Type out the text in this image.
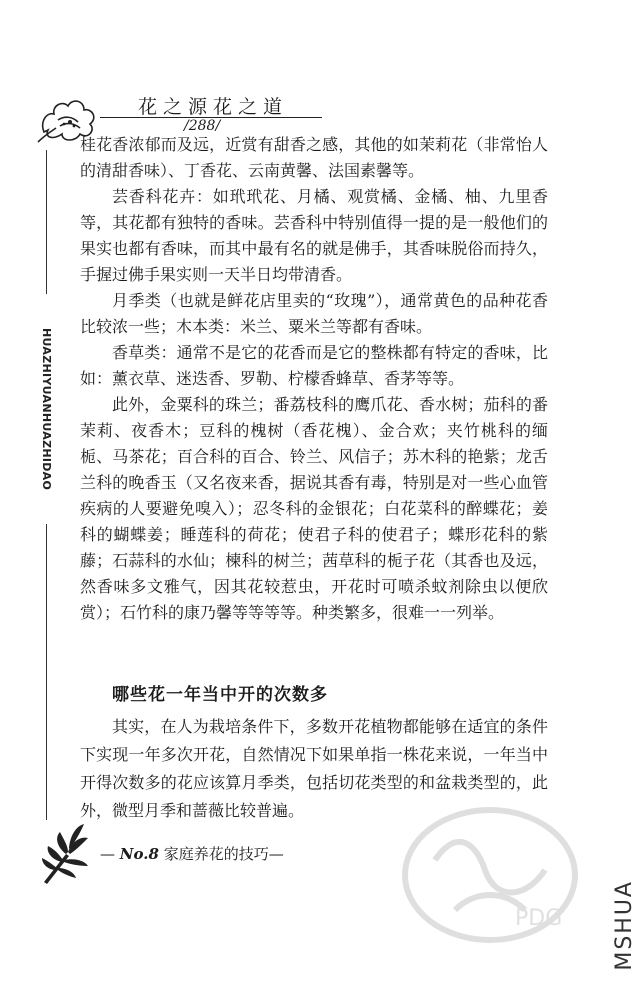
花之源花之道
/288/
HUAZHIYUANHUAZHIDAO

桂花香浓郁而及远，近赏有甜香之感，其他的如茉莉花（非常怡人的清甜香味）、丁香花、云南黄馨、法国素馨等。

芸香科花卉：如玳玳花、月橘、观赏橘、金橘、柚、九里香等，其花都有独特的香味。芸香科中特别值得一提的是一般他们的果实也都有香味，而其中最有名的就是佛手，其香味脱俗而持久，手握过佛手果实则一天半日均带清香。

月季类（也就是鲜花店里卖的“玫瑰”），通常黄色的品种花香比较浓一些；木本类：米兰、粟米兰等都有香味。

香草类：通常不是它的花香而是它的整株都有特定的香味，比如：薰衣草、迷迭香、罗勒、柠檬香蜂草、香茅等等。

此外，金粟科的珠兰；番荔枝科的鹰爪花、香水树；茄科的番茉莉、夜香木；豆科的槐树（香花槐）、金合欢；夹竹桃科的缅栀、马茶花；百合科的百合、铃兰、风信子；苏木科的艳紫；龙舌兰科的晚香玉（又名夜来香，据说其香有毒，特别是对一些心血管疾病的人要避免嗅入）；忍冬科的金银花；白花菜科的醉蝶花；姜科的蝴蝶姜；睡莲科的荷花；使君子科的使君子；蝶形花科的紫藤；石蒜科的水仙；楝科的树兰；茜草科的栀子花（其香也及远，然香味多文雅气，因其花较惹虫，开花时可喷杀蚊剂除虫以便欣赏）；石竹科的康乃馨等等等等。种类繁多，很难一一列举。

哪些花一年当中开的次数多

其实，在人为栽培条件下，多数开花植物都能够在适宜的条件下实现一年多次开花，自然情况下如果单指一株花来说，一年当中开得次数多的花应该算月季类，包括切花类型的和盆栽类型的，此外，微型月季和蔷薇比较普遍。

— No.8 家庭养花的技巧—
PDG MSHUA
